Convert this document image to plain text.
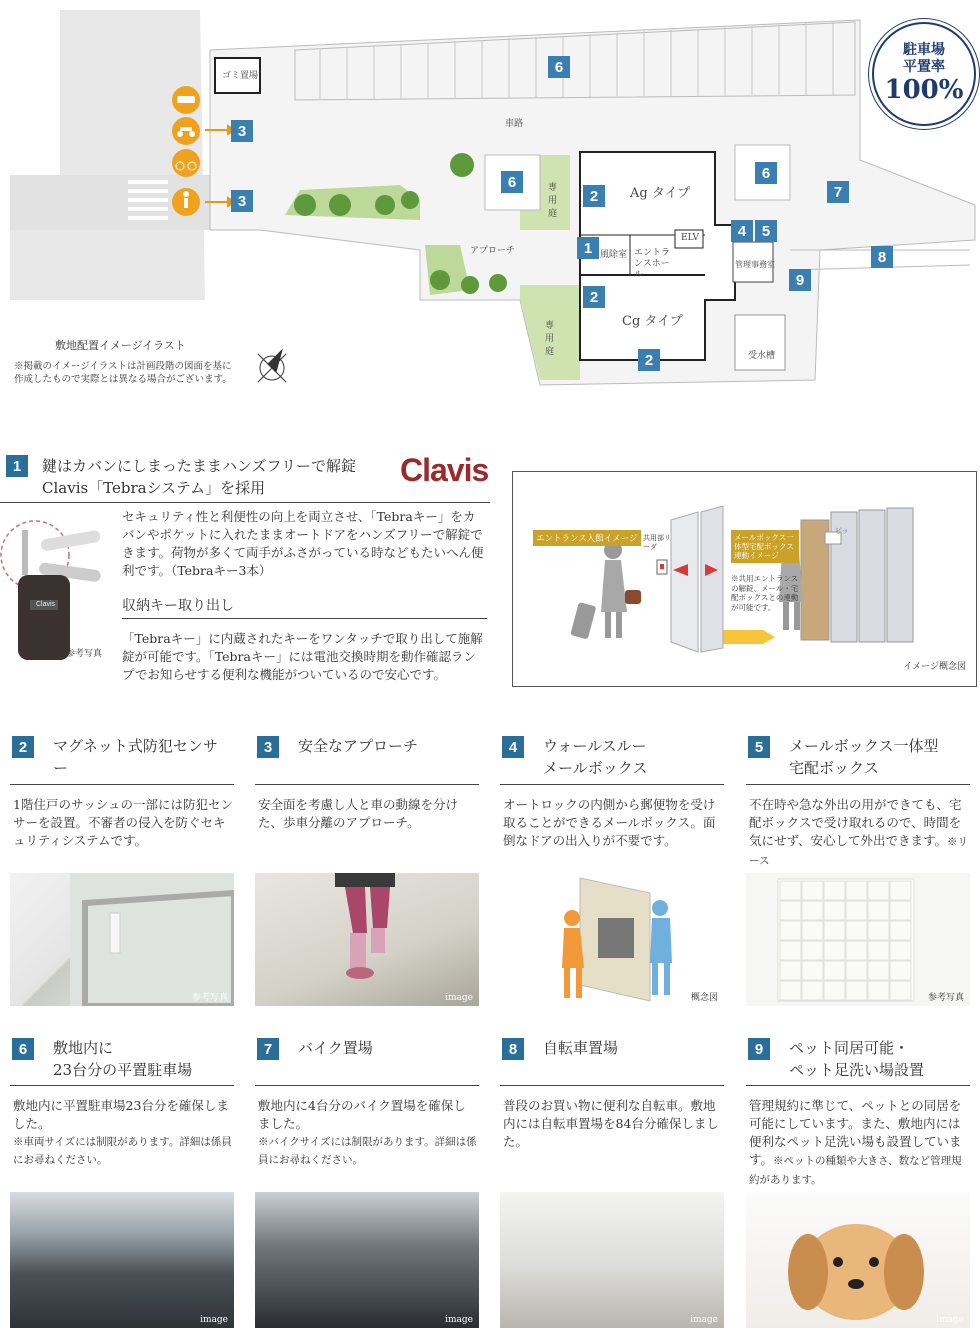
ゴミ置場
車路
アプローチ
専用庭
専用庭
Ag タイプ
Cg タイプ
風除室 エントランスホール
ELV
管理事務室
受水槽
6
3
3
6
2
6
7
1
4	5
8
9
2
2
駐車場
平置率
100%
敷地配置イメージイラスト
※掲載のイメージイラストは計画段階の図面を基に作成したもので実際とは異なる場合がございます。
1	鍵はカバンにしまったままハンズフリーで解錠
Clavis「Tebraシステム」を採用	Clavis
Clavis
参考写真
セキュリティ性と利便性の向上を両立させ、「Tebraキー」をカバンやポケットに入れたままオートドアをハンズフリーで解錠できます。荷物が多くて両手がふさがっている時などもたいへん便利です。（Tebraキー3本）
収納キー取り出し
「Tebraキー」に内蔵されたキーをワンタッチで取り出して施解錠が可能です。「Tebraキー」には電池交換時期を動作確認ランプでお知らせする便利な機能がついているので安心です。
エントランス入館イメージ 共用部リーダ
メールボックス一体型宅配ボックス連動イメージ
※共用エントランスの解錠、メール・宅配ボックスとの連動が可能です。
ピッ
イメージ概念図
2	マグネット式防犯センサ
ー
1階住戸のサッシュの一部には防犯センサーを設置。不審者の侵入を防ぐセキュリティシステムです。
参考写真
3	安全なアプローチ
安全面を考慮し人と車の動線を分けた、歩車分離のアプローチ。
image
4	ウォールスルー
メールボックス
オートロックの内側から郵便物を受け取ることができるメールボックス。面倒なドアの出入りが不要です。
概念図
5	メールボックス一体型
宅配ボックス
不在時や急な外出の用ができても、宅配ボックスで受け取れるので、時間を気にせず、安心して外出できます。※リース
参考写真
6	敷地内に
23台分の平置駐車場
敷地内に平置駐車場23台分を確保しました。
※車両サイズには制限があります。詳細は係員にお尋ねください。
image
7	バイク置場
敷地内に4台分のバイク置場を確保しました。
※バイクサイズには制限があります。詳細は係員にお尋ねください。
image
8	自転車置場
普段のお買い物に便利な自転車。敷地内には自転車置場を84台分確保しました。
image
9	ペット同居可能・
ペット足洗い場設置
管理規約に準じて、ペットとの同居を可能にしています。また、敷地内には便利なペット足洗い場も設置しています。※ペットの種類や大きさ、数など管理規約があります。
image
